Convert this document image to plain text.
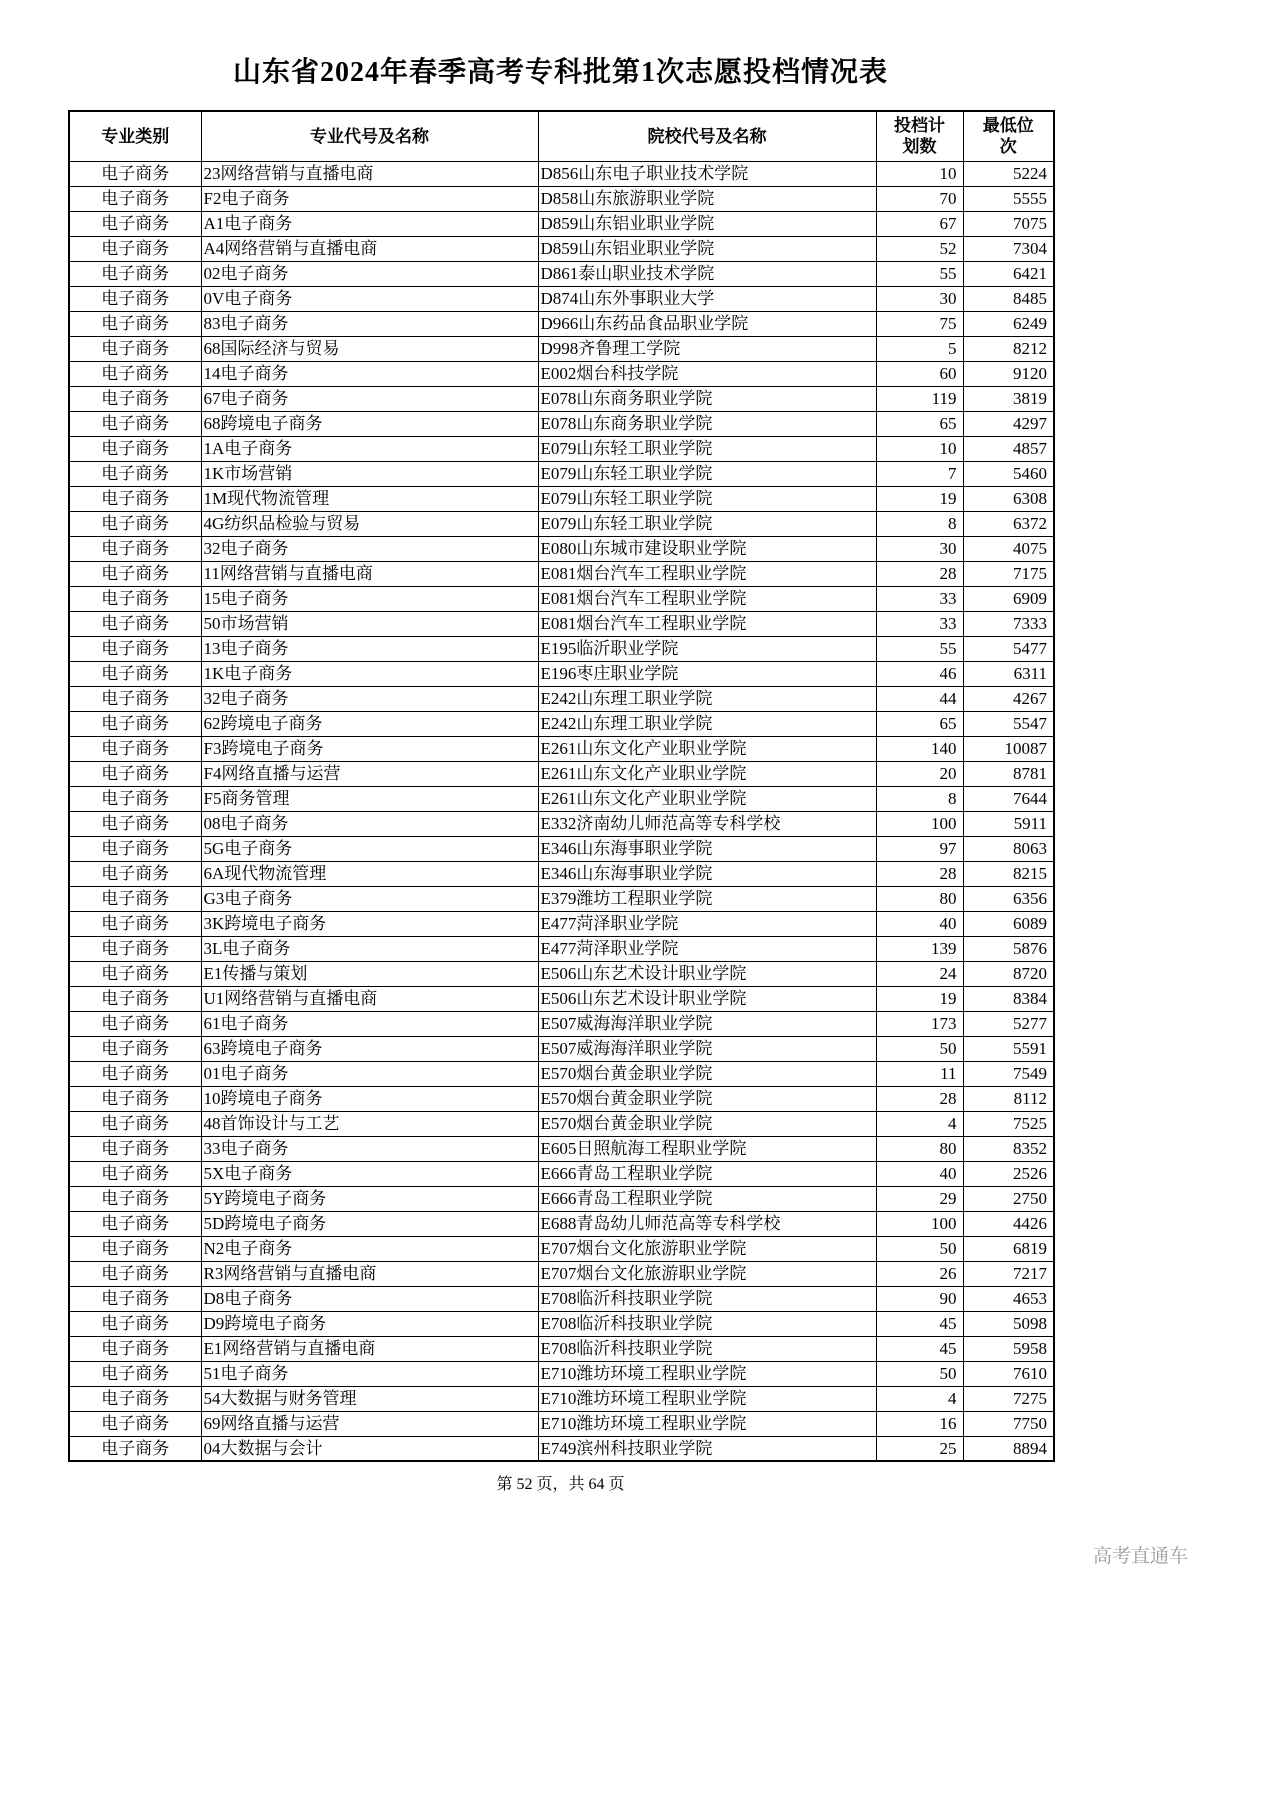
山东省2024年春季高考专科批第1次志愿投档情况表
专业类别	专业代号及名称	院校代号及名称	投档计划数	最低位次
电子商务	23网络营销与直播电商	D856山东电子职业技术学院	10	5224
电子商务	F2电子商务	D858山东旅游职业学院	70	5555
电子商务	A1电子商务	D859山东铝业职业学院	67	7075
电子商务	A4网络营销与直播电商	D859山东铝业职业学院	52	7304
电子商务	02电子商务	D861泰山职业技术学院	55	6421
电子商务	0V电子商务	D874山东外事职业大学	30	8485
电子商务	83电子商务	D966山东药品食品职业学院	75	6249
电子商务	68国际经济与贸易	D998齐鲁理工学院	5	8212
电子商务	14电子商务	E002烟台科技学院	60	9120
电子商务	67电子商务	E078山东商务职业学院	119	3819
电子商务	68跨境电子商务	E078山东商务职业学院	65	4297
电子商务	1A电子商务	E079山东轻工职业学院	10	4857
电子商务	1K市场营销	E079山东轻工职业学院	7	5460
电子商务	1M现代物流管理	E079山东轻工职业学院	19	6308
电子商务	4G纺织品检验与贸易	E079山东轻工职业学院	8	6372
电子商务	32电子商务	E080山东城市建设职业学院	30	4075
电子商务	11网络营销与直播电商	E081烟台汽车工程职业学院	28	7175
电子商务	15电子商务	E081烟台汽车工程职业学院	33	6909
电子商务	50市场营销	E081烟台汽车工程职业学院	33	7333
电子商务	13电子商务	E195临沂职业学院	55	5477
电子商务	1K电子商务	E196枣庄职业学院	46	6311
电子商务	32电子商务	E242山东理工职业学院	44	4267
电子商务	62跨境电子商务	E242山东理工职业学院	65	5547
电子商务	F3跨境电子商务	E261山东文化产业职业学院	140	10087
电子商务	F4网络直播与运营	E261山东文化产业职业学院	20	8781
电子商务	F5商务管理	E261山东文化产业职业学院	8	7644
电子商务	08电子商务	E332济南幼儿师范高等专科学校	100	5911
电子商务	5G电子商务	E346山东海事职业学院	97	8063
电子商务	6A现代物流管理	E346山东海事职业学院	28	8215
电子商务	G3电子商务	E379潍坊工程职业学院	80	6356
电子商务	3K跨境电子商务	E477菏泽职业学院	40	6089
电子商务	3L电子商务	E477菏泽职业学院	139	5876
电子商务	E1传播与策划	E506山东艺术设计职业学院	24	8720
电子商务	U1网络营销与直播电商	E506山东艺术设计职业学院	19	8384
电子商务	61电子商务	E507威海海洋职业学院	173	5277
电子商务	63跨境电子商务	E507威海海洋职业学院	50	5591
电子商务	01电子商务	E570烟台黄金职业学院	11	7549
电子商务	10跨境电子商务	E570烟台黄金职业学院	28	8112
电子商务	48首饰设计与工艺	E570烟台黄金职业学院	4	7525
电子商务	33电子商务	E605日照航海工程职业学院	80	8352
电子商务	5X电子商务	E666青岛工程职业学院	40	2526
电子商务	5Y跨境电子商务	E666青岛工程职业学院	29	2750
电子商务	5D跨境电子商务	E688青岛幼儿师范高等专科学校	100	4426
电子商务	N2电子商务	E707烟台文化旅游职业学院	50	6819
电子商务	R3网络营销与直播电商	E707烟台文化旅游职业学院	26	7217
电子商务	D8电子商务	E708临沂科技职业学院	90	4653
电子商务	D9跨境电子商务	E708临沂科技职业学院	45	5098
电子商务	E1网络营销与直播电商	E708临沂科技职业学院	45	5958
电子商务	51电子商务	E710潍坊环境工程职业学院	50	7610
电子商务	54大数据与财务管理	E710潍坊环境工程职业学院	4	7275
电子商务	69网络直播与运营	E710潍坊环境工程职业学院	16	7750
电子商务	04大数据与会计	E749滨州科技职业学院	25	8894
第 52 页，共 64 页
高考直通车
